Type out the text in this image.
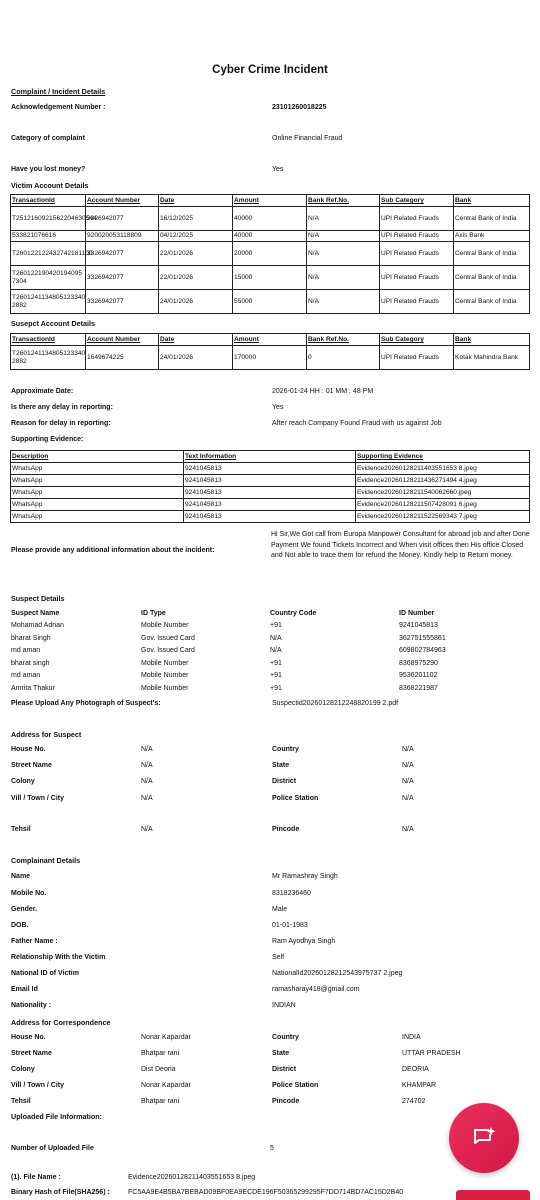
Cyber Crime Incident
Complaint / Incident Details
Acknowledgement Number :	23101260018225
Category of complaint	Online Financial Fraud
Have you lost money?	Yes
Victim Account Details
TransactionId	Account Number	Date	Amount	Bank Ref.No.	Sub Category	Bank
T2512160921562204630544	3326942077	16/12/2025	40000	N/A	UPI Related Frauds	Central Bank of India
533821076616	920020053118809	04/12/2025	40000	N/A	UPI Related Frauds	Axis Bank
T260122122432742181100	3326942077	22/01/2026	20000	N/A	UPI Related Frauds	Central Bank of India
T260122190420194095 7304	3326942077	22/01/2026	15000	N/A	UPI Related Frauds	Central Bank of India
T2601241134805123340 2882	3326942077	24/01/2026	55000	N/A	UPI Related Frauds	Central Bank of India
Susepct Account Details
TransactionId	Account Number	Date	Amount	Bank Ref.No.	Sub Category	Bank
T2601241134805123340 2882	1649674225	24/01/2026	170000	0	UPI Related Frauds	Kotak Mahindra Bank
Approximate Date:	2026-01-24 HH : 01 MM : 48 PM
Is there any delay in reporting:	Yes
Reason for delay in reporting:	After reach Company Found Fraud with us against Job
Supporting Evidence:
Description	Text Information	Supporting Evidence
WhatsApp	9241045813	Evidence20260128211403551653 8.jpeg
WhatsApp	9241045813	Evidence20260128211436271494 4.jpeg
WhatsApp	9241045813	Evidence20260128211540062660.jpeg
WhatsApp	9241045813	Evidence20260128211507428091 6.jpeg
WhatsApp	9241045813	Evidence20260128211522569343 7.jpeg
Please provide any additional information about the incident:
Hi Sir,We Got call from Europa Manpower Consultant for abroad job and after Done Payment We found Tickets Incorrect and When visit offices then His office Closed and Not able to trace them for refund the Money. Kindly help to Return money.
Suspect Details
Suspect Name	ID Type	Country Code	ID Number
Mohamad Adnan	Mobile Number	+91	9241045813
bharat Singh	Gov. Issued Card	N/A	362751555861
md aman	Gov. Issued Card	N/A	609802784963
bharat singh	Mobile Number	+91	8368975290
md aman	Mobile Number	+91	9536201102
Amrita Thakur	Mobile Number	+91	8368221987
Please Upload Any Photograph of Suspect's:	Suspectid20260128212248820199 2.pdf
Address for Suspect
House No.	N/A	Country	N/A
Street Name	N/A	State	N/A
Colony	N/A	District	N/A
Vill / Town / City	N/A	Police Station	N/A
Tehsil	N/A	Pincode	N/A
Complainant Details
Name	Mr Ramashray Singh
Mobile No.	8318236460
Gender.	Male
DOB.	01-01-1983
Father Name :	Ram Ayodhya Singh
Relationship With the Victim	Self
National ID of Victim	NationalId20260128212543975737 2.jpeg
Email Id	ramasharay418@gmail.com
Nationality :	INDIAN
Address for Correspondence
House No.	Nonar Kapardar	Country	INDIA
Street Name	Bhatpar rani	State	UTTAR PRADESH
Colony	Dist Deoria	District	DEORIA
Vill / Town / City	Nonar Kapardar	Police Station	KHAMPAR
Tehsil	Bhatpar rani	Pincode	274702
Uploaded File Information:
Number of Uploaded File	5
(1). File Name :	Evidence20260128211403551653 8.jpeg
Binary Hash of File(SHA256) :	FC5AA9E4B5BA7BEBAD09BF0EA9ECDE196F50365299295F7DD714BD7AC15D2B40
